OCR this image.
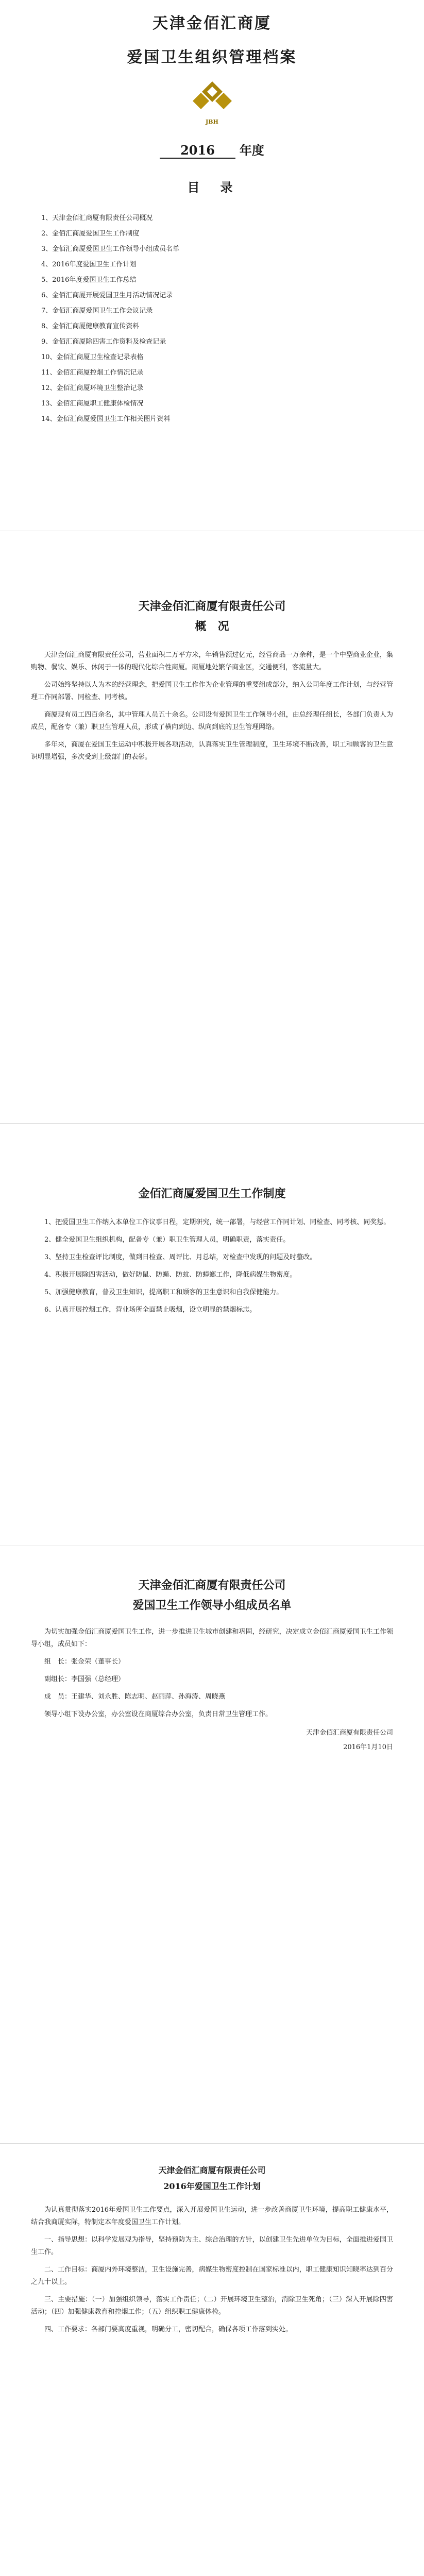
天津金佰汇商厦
爱国卫生组织管理档案
JBH
2016 年度
目　录
1、天津金佰汇商厦有限责任公司概况
2、金佰汇商厦爱国卫生工作制度
3、金佰汇商厦爱国卫生工作领导小组成员名单
4、2016年度爱国卫生工作计划
5、2016年度爱国卫生工作总结
6、金佰汇商厦开展爱国卫生月活动情况记录
7、金佰汇商厦爱国卫生工作会议记录
8、金佰汇商厦健康教育宣传资料
9、金佰汇商厦除四害工作资料及检查记录
10、金佰汇商厦卫生检查记录表格
11、金佰汇商厦控烟工作情况记录
12、金佰汇商厦环境卫生整治记录
13、金佰汇商厦职工健康体检情况
14、金佰汇商厦爱国卫生工作相关图片资料
天津金佰汇商厦有限责任公司
概　况

天津金佰汇商厦有限责任公司，营业面积二万平方米，年销售额过亿元，经营商品一万余种，是一个中型商业企业，集购物、餐饮、娱乐、休闲于一体的现代化综合性商厦。商厦地处繁华商业区，交通便利，客流量大。

公司始终坚持以人为本的经营理念，把爱国卫生工作作为企业管理的重要组成部分，纳入公司年度工作计划，与经营管理工作同部署、同检查、同考核。

商厦现有员工四百余名，其中管理人员五十余名。公司设有爱国卫生工作领导小组，由总经理任组长，各部门负责人为成员，配备专（兼）职卫生管理人员，形成了横向到边、纵向到底的卫生管理网络。

多年来，商厦在爱国卫生运动中积极开展各项活动，认真落实卫生管理制度，卫生环境不断改善，职工和顾客的卫生意识明显增强，多次受到上级部门的表彰。

金佰汇商厦爱国卫生工作制度

1、把爱国卫生工作纳入本单位工作议事日程，定期研究，统一部署，与经营工作同计划、同检查、同考核、同奖惩。

2、健全爱国卫生组织机构，配备专（兼）职卫生管理人员，明确职责，落实责任。

3、坚持卫生检查评比制度，做到日检查、周评比、月总结，对检查中发现的问题及时整改。

4、积极开展除四害活动，做好防鼠、防蝇、防蚊、防蟑螂工作，降低病媒生物密度。

5、加强健康教育，普及卫生知识，提高职工和顾客的卫生意识和自我保健能力。

6、认真开展控烟工作，营业场所全面禁止吸烟，设立明显的禁烟标志。

天津金佰汇商厦有限责任公司
爱国卫生工作领导小组成员名单

为切实加强金佰汇商厦爱国卫生工作，进一步推进卫生城市创建和巩固，经研究，决定成立金佰汇商厦爱国卫生工作领导小组，成员如下：

组　长：张金荣（董事长）

副组长：李国强（总经理）

成　员：王建华、刘永胜、陈志明、赵丽萍、孙海涛、周晓燕

领导小组下设办公室，办公室设在商厦综合办公室，负责日常卫生管理工作。

天津金佰汇商厦有限责任公司
2016年1月10日
天津金佰汇商厦有限责任公司
2016年爱国卫生工作计划

为认真贯彻落实2016年爱国卫生工作要点，深入开展爱国卫生运动，进一步改善商厦卫生环境，提高职工健康水平，结合我商厦实际，特制定本年度爱国卫生工作计划。

一、指导思想：以科学发展观为指导，坚持预防为主、综合治理的方针，以创建卫生先进单位为目标，全面推进爱国卫生工作。

二、工作目标：商厦内外环境整洁，卫生设施完善，病媒生物密度控制在国家标准以内，职工健康知识知晓率达到百分之九十以上。

三、主要措施：（一）加强组织领导，落实工作责任；（二）开展环境卫生整治，消除卫生死角；（三）深入开展除四害活动；（四）加强健康教育和控烟工作；（五）组织职工健康体检。

四、工作要求：各部门要高度重视，明确分工，密切配合，确保各项工作落到实处。
